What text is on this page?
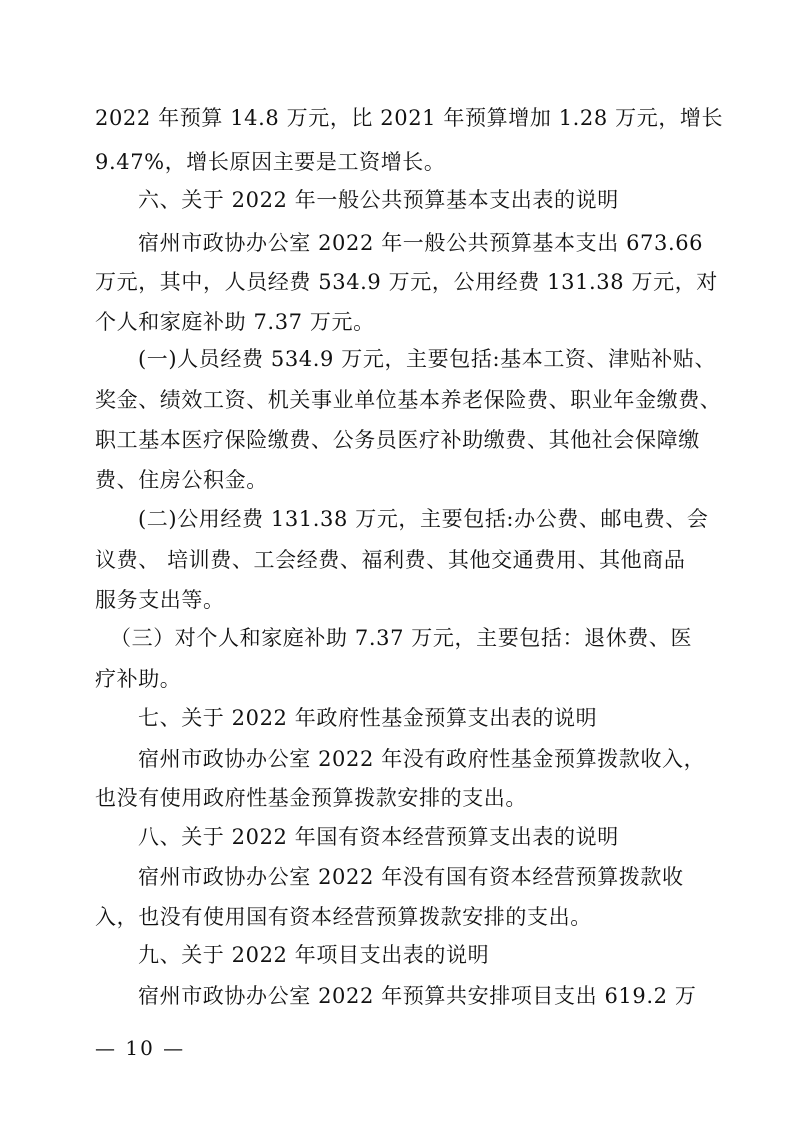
2022 年预算 14.8 万元，比 2021 年预算增加 1.28 万元，增长
9.47%，增长原因主要是工资增长。
六、关于 2022 年一般公共预算基本支出表的说明
宿州市政协办公室 2022 年一般公共预算基本支出 673.66
万元，其中，人员经费 534.9 万元，公用经费 131.38 万元，对
个人和家庭补助 7.37 万元。
(一)人员经费 534.9 万元，主要包括:基本工资、津贴补贴、
奖金、绩效工资、机关事业单位基本养老保险费、职业年金缴费、
职工基本医疗保险缴费、公务员医疗补助缴费、其他社会保障缴
费、住房公积金。
(二)公用经费 131.38 万元，主要包括:办公费、邮电费、会
议费、 培训费、工会经费、福利费、其他交通费用、其他商品
服务支出等。
（三）对个人和家庭补助 7.37 万元，主要包括：退休费、医
疗补助。
七、关于 2022 年政府性基金预算支出表的说明
宿州市政协办公室 2022 年没有政府性基金预算拨款收入，
也没有使用政府性基金预算拨款安排的支出。
八、关于 2022 年国有资本经营预算支出表的说明
宿州市政协办公室 2022 年没有国有资本经营预算拨款收
入，也没有使用国有资本经营预算拨款安排的支出。
九、关于 2022 年项目支出表的说明
宿州市政协办公室 2022 年预算共安排项目支出 619.2 万
— 10 —
